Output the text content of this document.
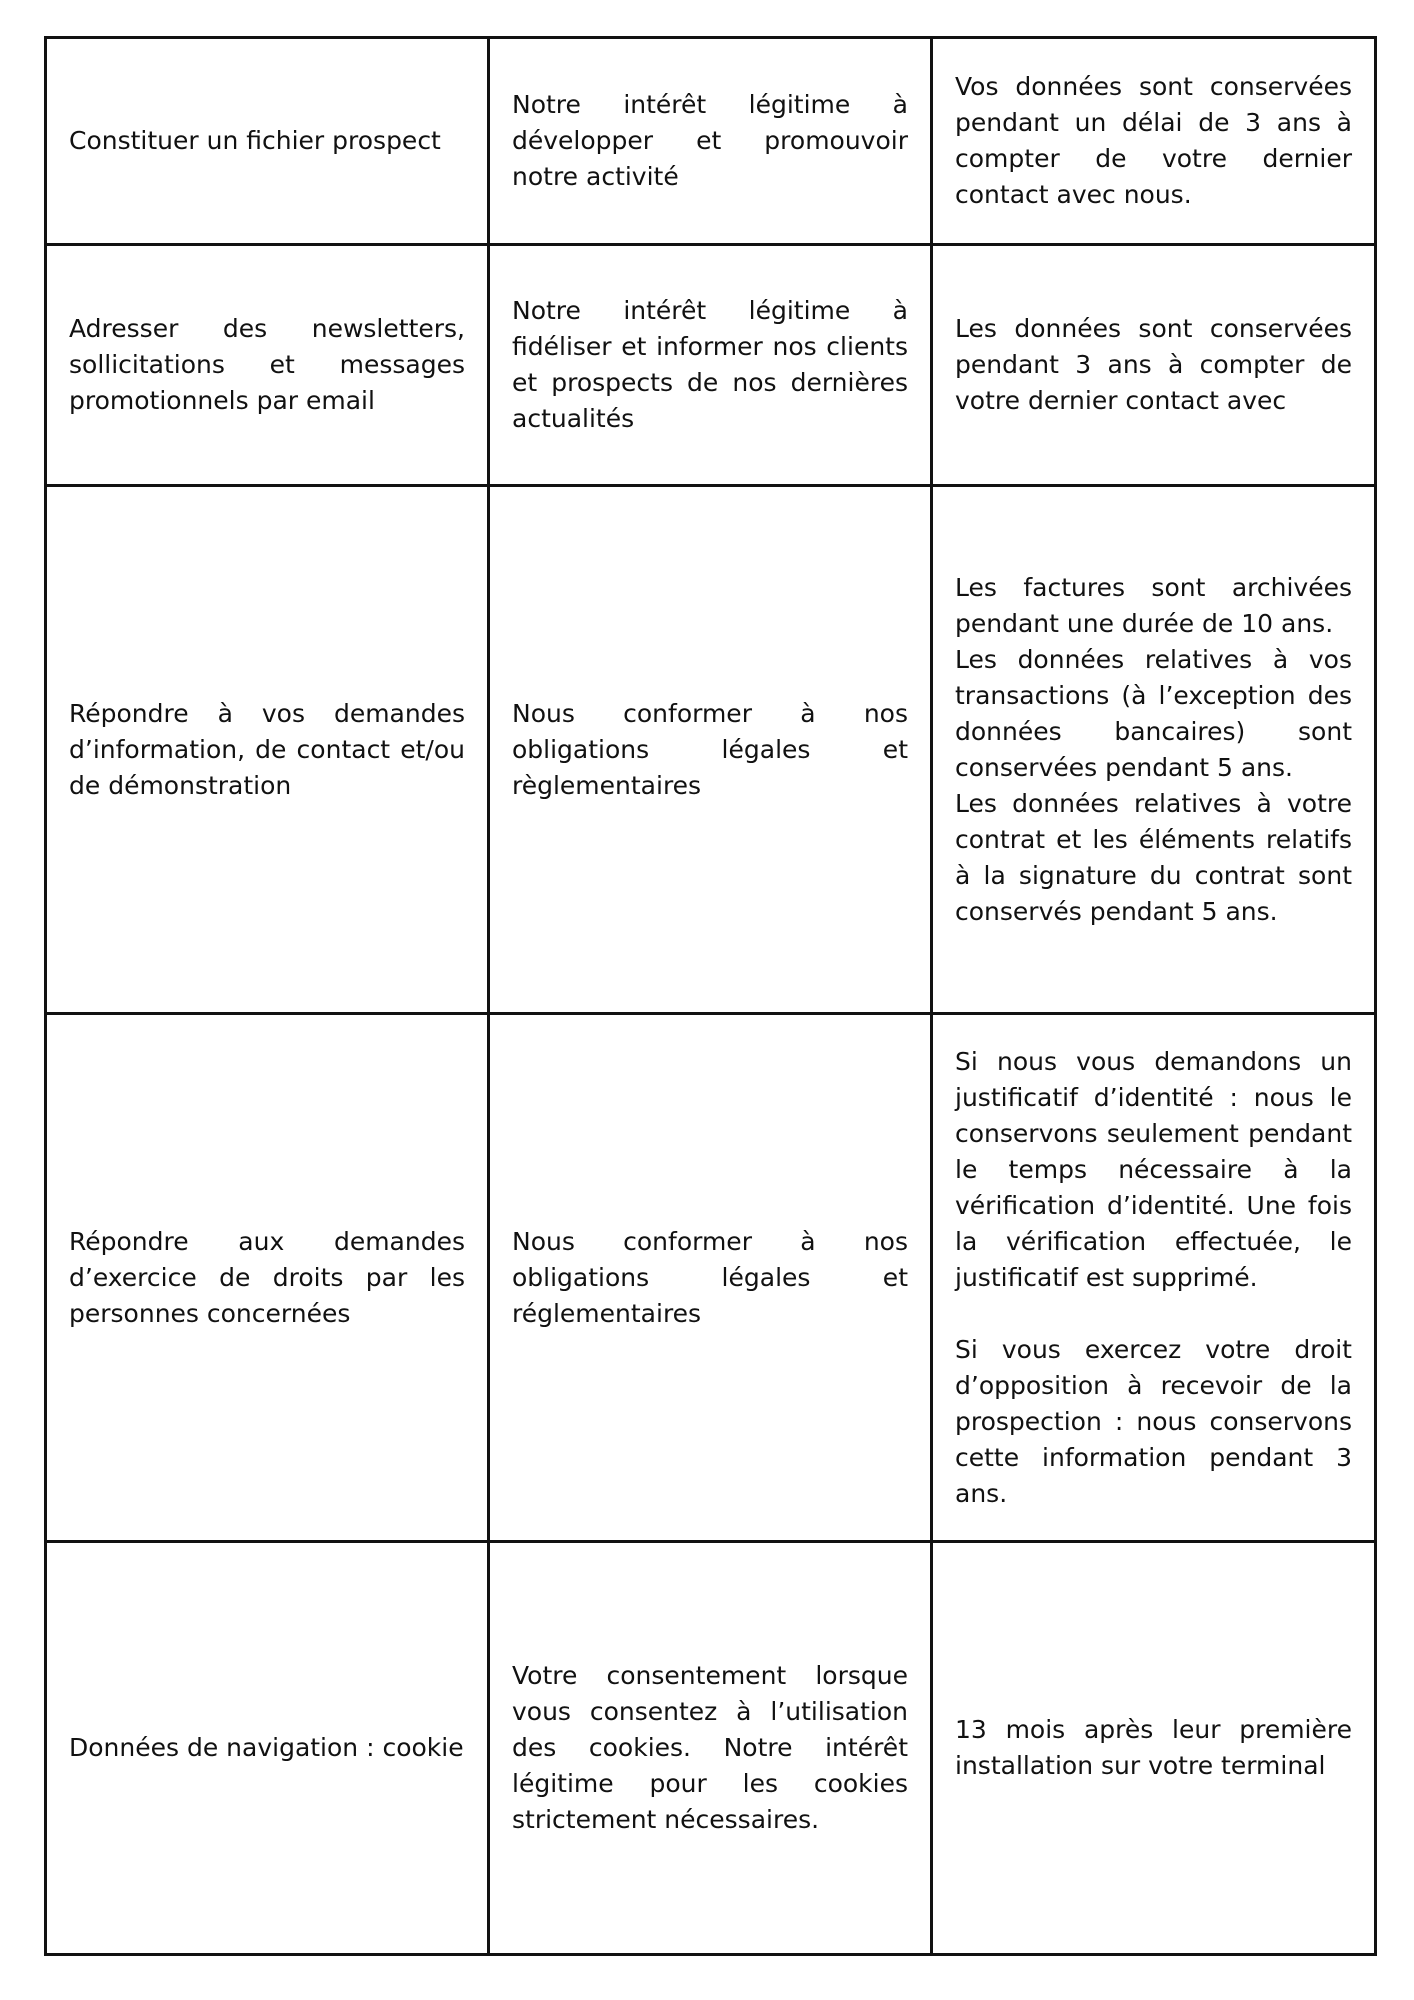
Constituer un fichier prospect	Notre intérêt légitime à développer et promouvoir notre activité	Vos données sont conservées pendant un délai de 3 ans à compter de votre dernier contact avec nous.

Adresser des newsletters, sollicitations et messages promotionnels par email	Notre intérêt légitime à fidéliser et informer nos clients et prospects de nos dernières actualités	Les données sont conservées pendant 3 ans à compter de votre dernier contact avec

Répondre à vos demandes d’information, de contact et/ou de démonstration	Nous conformer à nos obligations légales et règlementaires	Les factures sont archivées pendant une durée de 10 ans.
Les données relatives à vos transactions (à l’exception des données bancaires) sont conservées pendant 5 ans.
Les données relatives à votre contrat et les éléments relatifs à la signature du contrat sont conservés pendant 5 ans.

Répondre aux demandes d’exercice de droits par les personnes concernées	Nous conformer à nos obligations légales et réglementaires	Si nous vous demandons un justificatif d’identité : nous le conservons seulement pendant le temps nécessaire à la vérification d’identité. Une fois la vérification effectuée, le justificatif est supprimé.
Si vous exercez votre droit d’opposition à recevoir de la prospection : nous conservons cette information pendant 3 ans.

Données de navigation : cookie	Votre consentement lorsque vous consentez à l’utilisation des cookies. Notre intérêt légitime pour les cookies strictement nécessaires.	13 mois après leur première installation sur votre terminal
